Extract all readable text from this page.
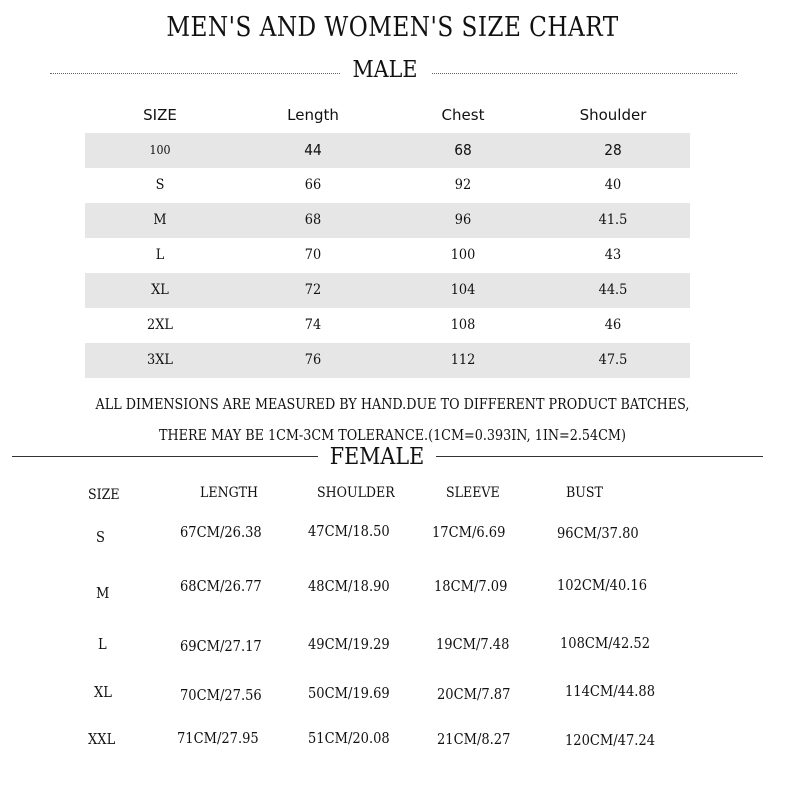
MEN'S AND WOMEN'S SIZE CHART
MALE
SIZE	Length	Chest	Shoulder
100	44	68	28
S	66	92	40
M	68	96	41.5
L	70	100	43
XL	72	104	44.5
2XL	74	108	46
3XL	76	112	47.5
ALL DIMENSIONS ARE MEASURED BY HAND.DUE TO DIFFERENT PRODUCT BATCHES,
THERE MAY BE 1CM-3CM TOLERANCE.(1CM=0.393IN, 1IN=2.54CM)
FEMALE
SIZE	LENGTH	SHOULDER	SLEEVE	BUST
S	67CM/26.38	47CM/18.50	17CM/6.69	96CM/37.80
M	68CM/26.77	48CM/18.90	18CM/7.09	102CM/40.16
L	69CM/27.17	49CM/19.29	19CM/7.48	108CM/42.52
XL	70CM/27.56	50CM/19.69	20CM/7.87	114CM/44.88
XXL	71CM/27.95	51CM/20.08	21CM/8.27	120CM/47.24
